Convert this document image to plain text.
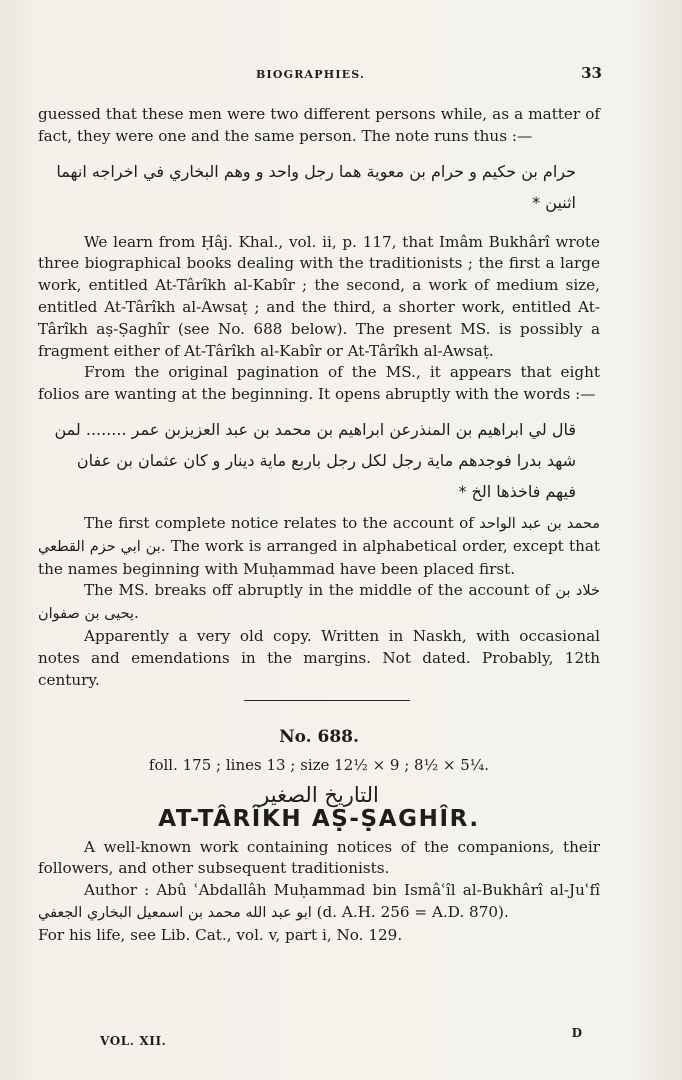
BIOGRAPHIES.	33

guessed that these men were two different persons while, as a matter of fact, they were one and the same person. The note runs thus :—

حرام بن حكيم و حرام بن معوية هما رجل واحد و وهم البخاري في اخراجه انهما اثنين *

We learn from Ḥâj. Khal., vol. ii, p. 117, that Imâm Bukhârî wrote three biographical books dealing with the traditionists ; the first a large work, entitled At-Târîkh al-Kabîr ; the second, a work of medium size, entitled At-Târîkh al-Awsaṭ ; and the third, a shorter work, entitled At-Târîkh aṣ-Ṣaghîr (see No. 688 below). The present MS. is possibly a fragment either of At-Târîkh al-Kabîr or At-Târîkh al-Awsaṭ.

From the original pagination of the MS., it appears that eight folios are wanting at the beginning. It opens abruptly with the words :—

قال لي ابراهيم بن المنذرعن ابراهيم بن محمد بن عبد العزيزبن عمر ........ لمن شهد بدرا فوجدهم ماية رجل لكل رجل باربع ماية دينار و كان عثمان بن عفان فيهم فاخذها الخ *

The first complete notice relates to the account of محمد بن عبد الواحد بن ابي حزم القطعي. The work is arranged in alphabetical order, except that the names beginning with Muḥammad have been placed first.

The MS. breaks off abruptly in the middle of the account of خلاد بن يحيى بن صفوان.

Apparently a very old copy. Written in Naskh, with occasional notes and emendations in the margins. Not dated. Probably, 12th century.

No. 688.
foll. 175 ; lines 13 ; size 12½ × 9 ; 8½ × 5¼.
التاريخ الصغير
AT-TÂRÎKH AṢ-ṢAGHÎR.

A well-known work containing notices of the companions, their followers, and other subsequent traditionists.

Author : Abû ʿAbdallâh Muḥammad bin Ismâʿîl al-Bukhârî al-Juʿfî ابو عبد الله محمد بن اسمعيل البخاري الجعفي (d. A.H. 256 = A.D. 870).

For his life, see Lib. Cat., vol. v, part i, No. 129.

VOL. XII.
D
